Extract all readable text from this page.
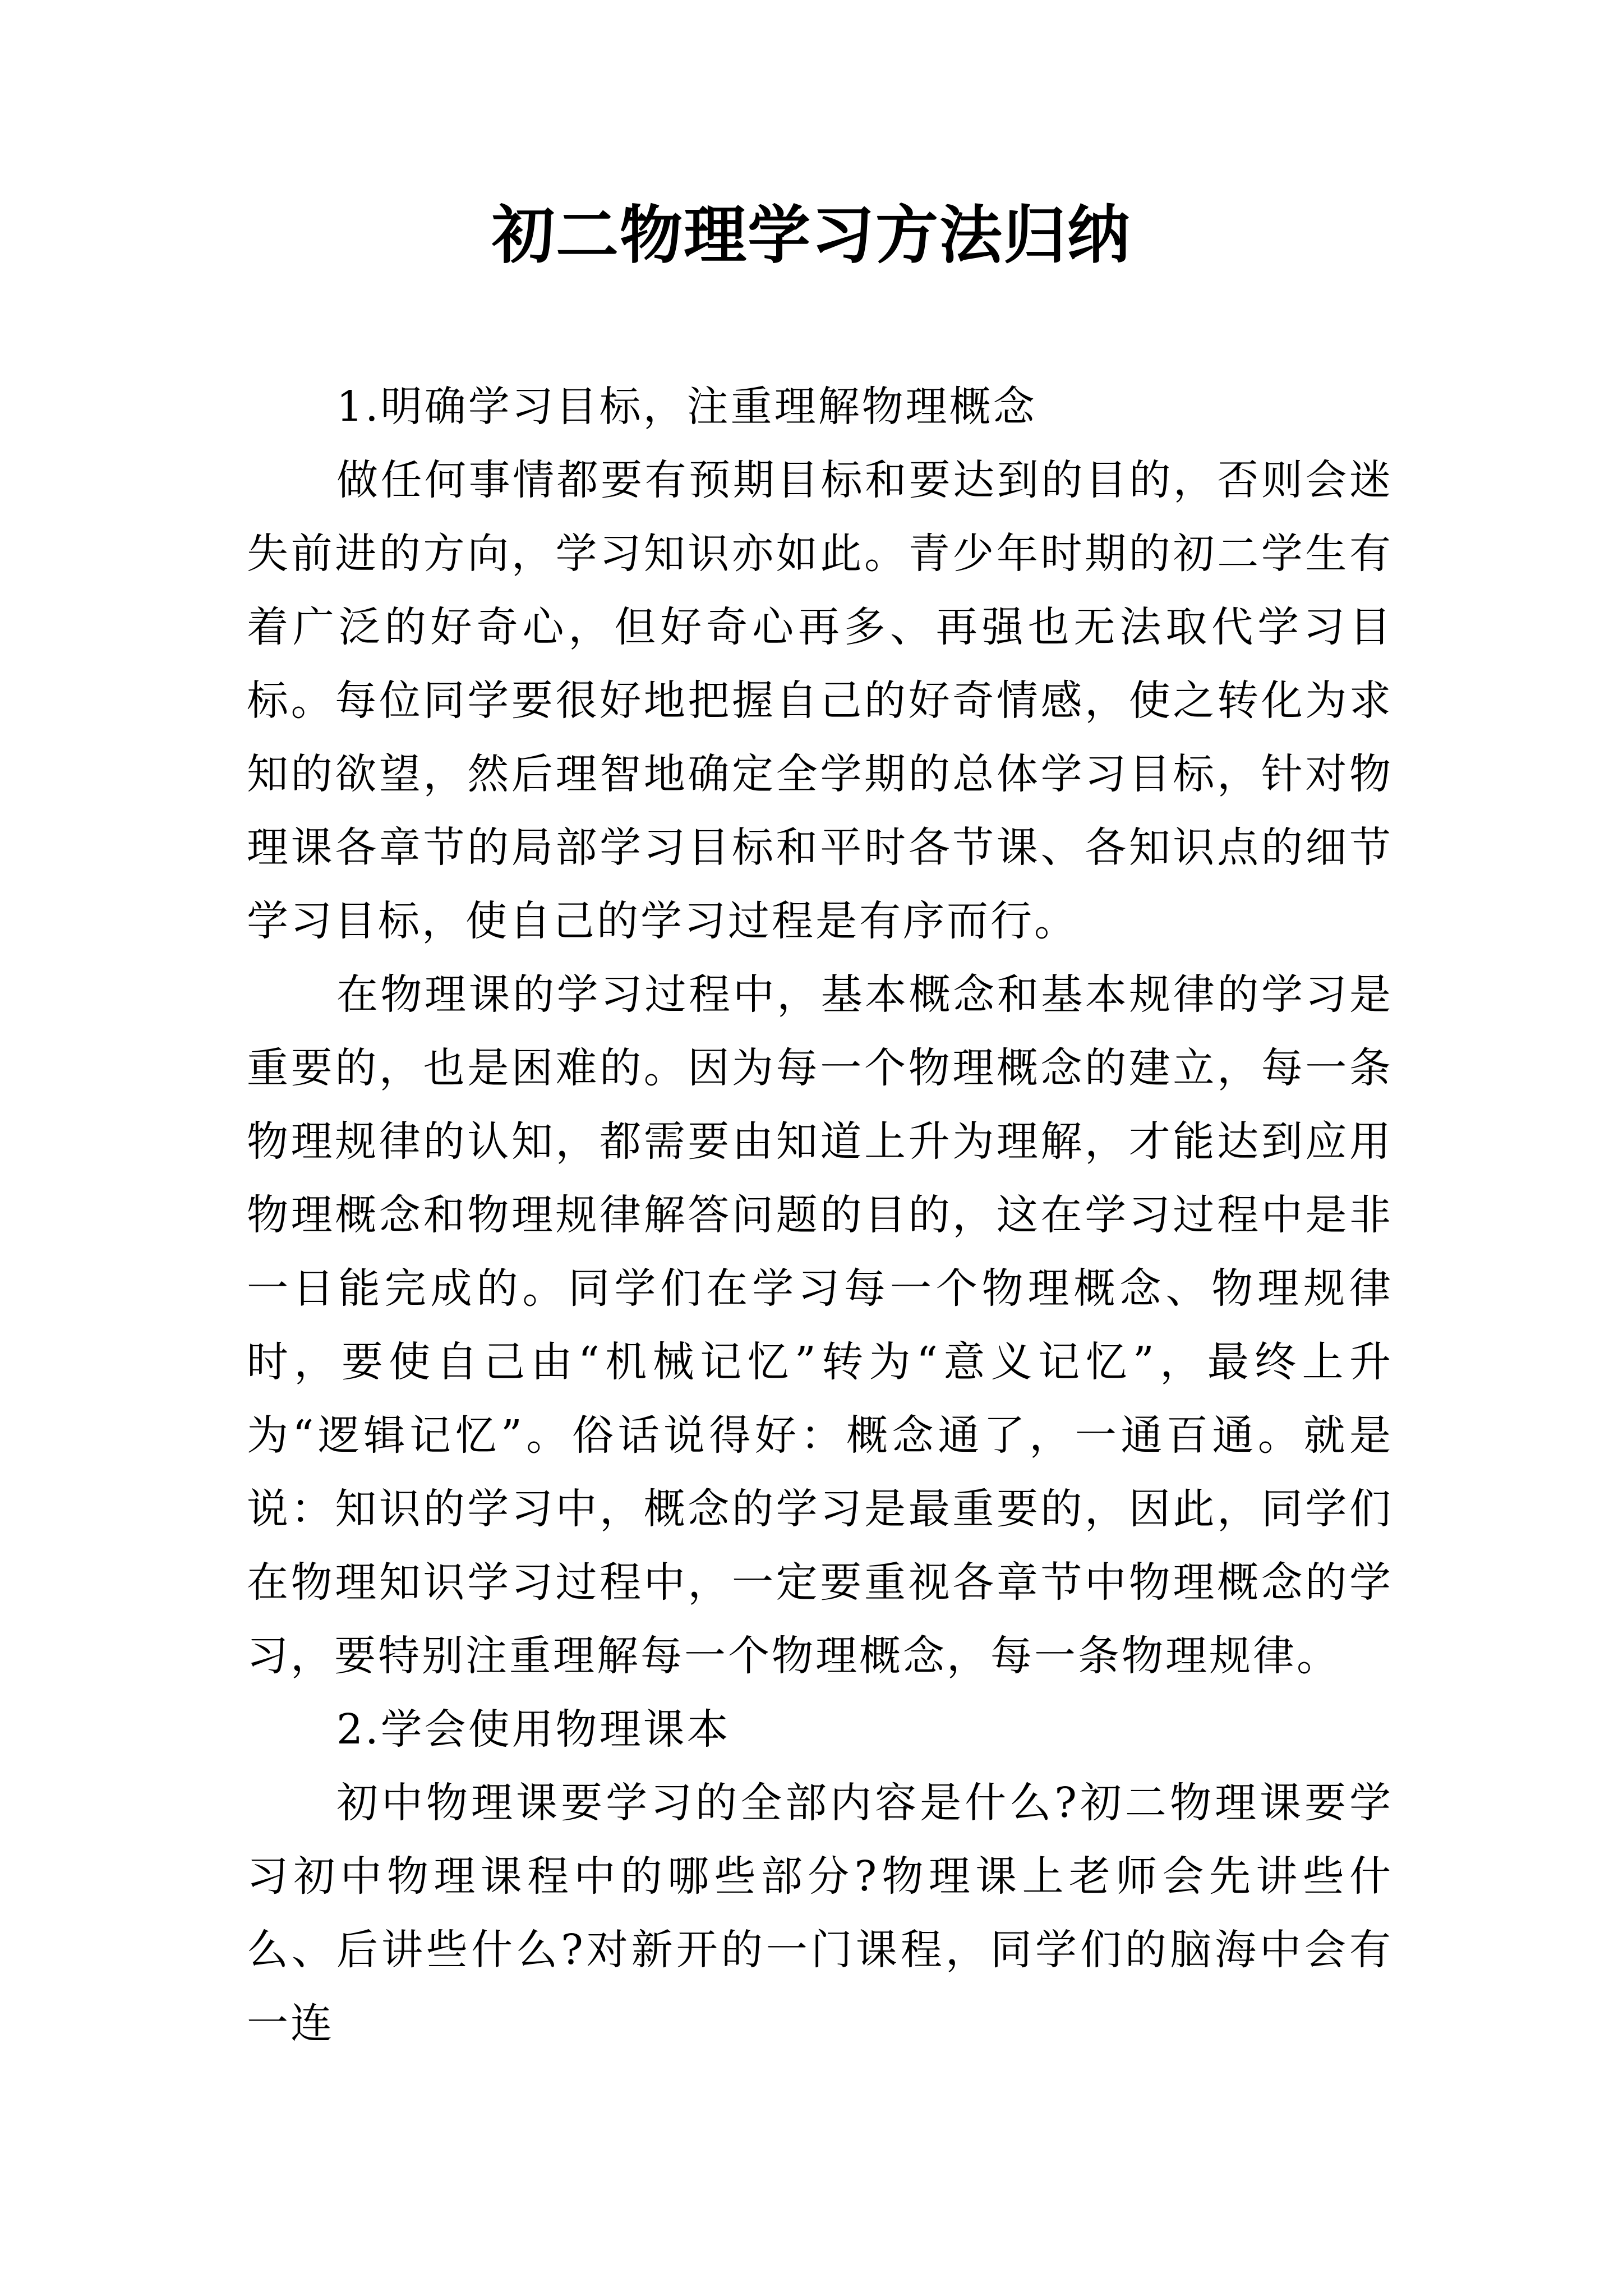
初二物理学习方法归纳

1.明确学习目标，注重理解物理概念

做任何事情都要有预期目标和要达到的目的，否则会迷失前进的方向，学习知识亦如此。青少年时期的初二学生有着广泛的好奇心，但好奇心再多、再强也无法取代学习目标。每位同学要很好地把握自己的好奇情感，使之转化为求知的欲望，然后理智地确定全学期的总体学习目标，针对物理课各章节的局部学习目标和平时各节课、各知识点的细节学习目标，使自己的学习过程是有序而行。

在物理课的学习过程中，基本概念和基本规律的学习是重要的，也是困难的。因为每一个物理概念的建立，每一条物理规律的认知，都需要由知道上升为理解，才能达到应用物理概念和物理规律解答问题的目的，这在学习过程中是非一日能完成的。同学们在学习每一个物理概念、物理规律时，要使自己由“机械记忆”转为“意义记忆”，最终上升为“逻辑记忆”。俗话说得好：概念通了，一通百通。就是说：知识的学习中，概念的学习是最重要的，因此，同学们在物理知识学习过程中，一定要重视各章节中物理概念的学习，要特别注重理解每一个物理概念，每一条物理规律。

2.学会使用物理课本

初中物理课要学习的全部内容是什么?初二物理课要学习初中物理课程中的哪些部分?物理课上老师会先讲些什么、后讲些什么?对新开的一门课程，同学们的脑海中会有一连
